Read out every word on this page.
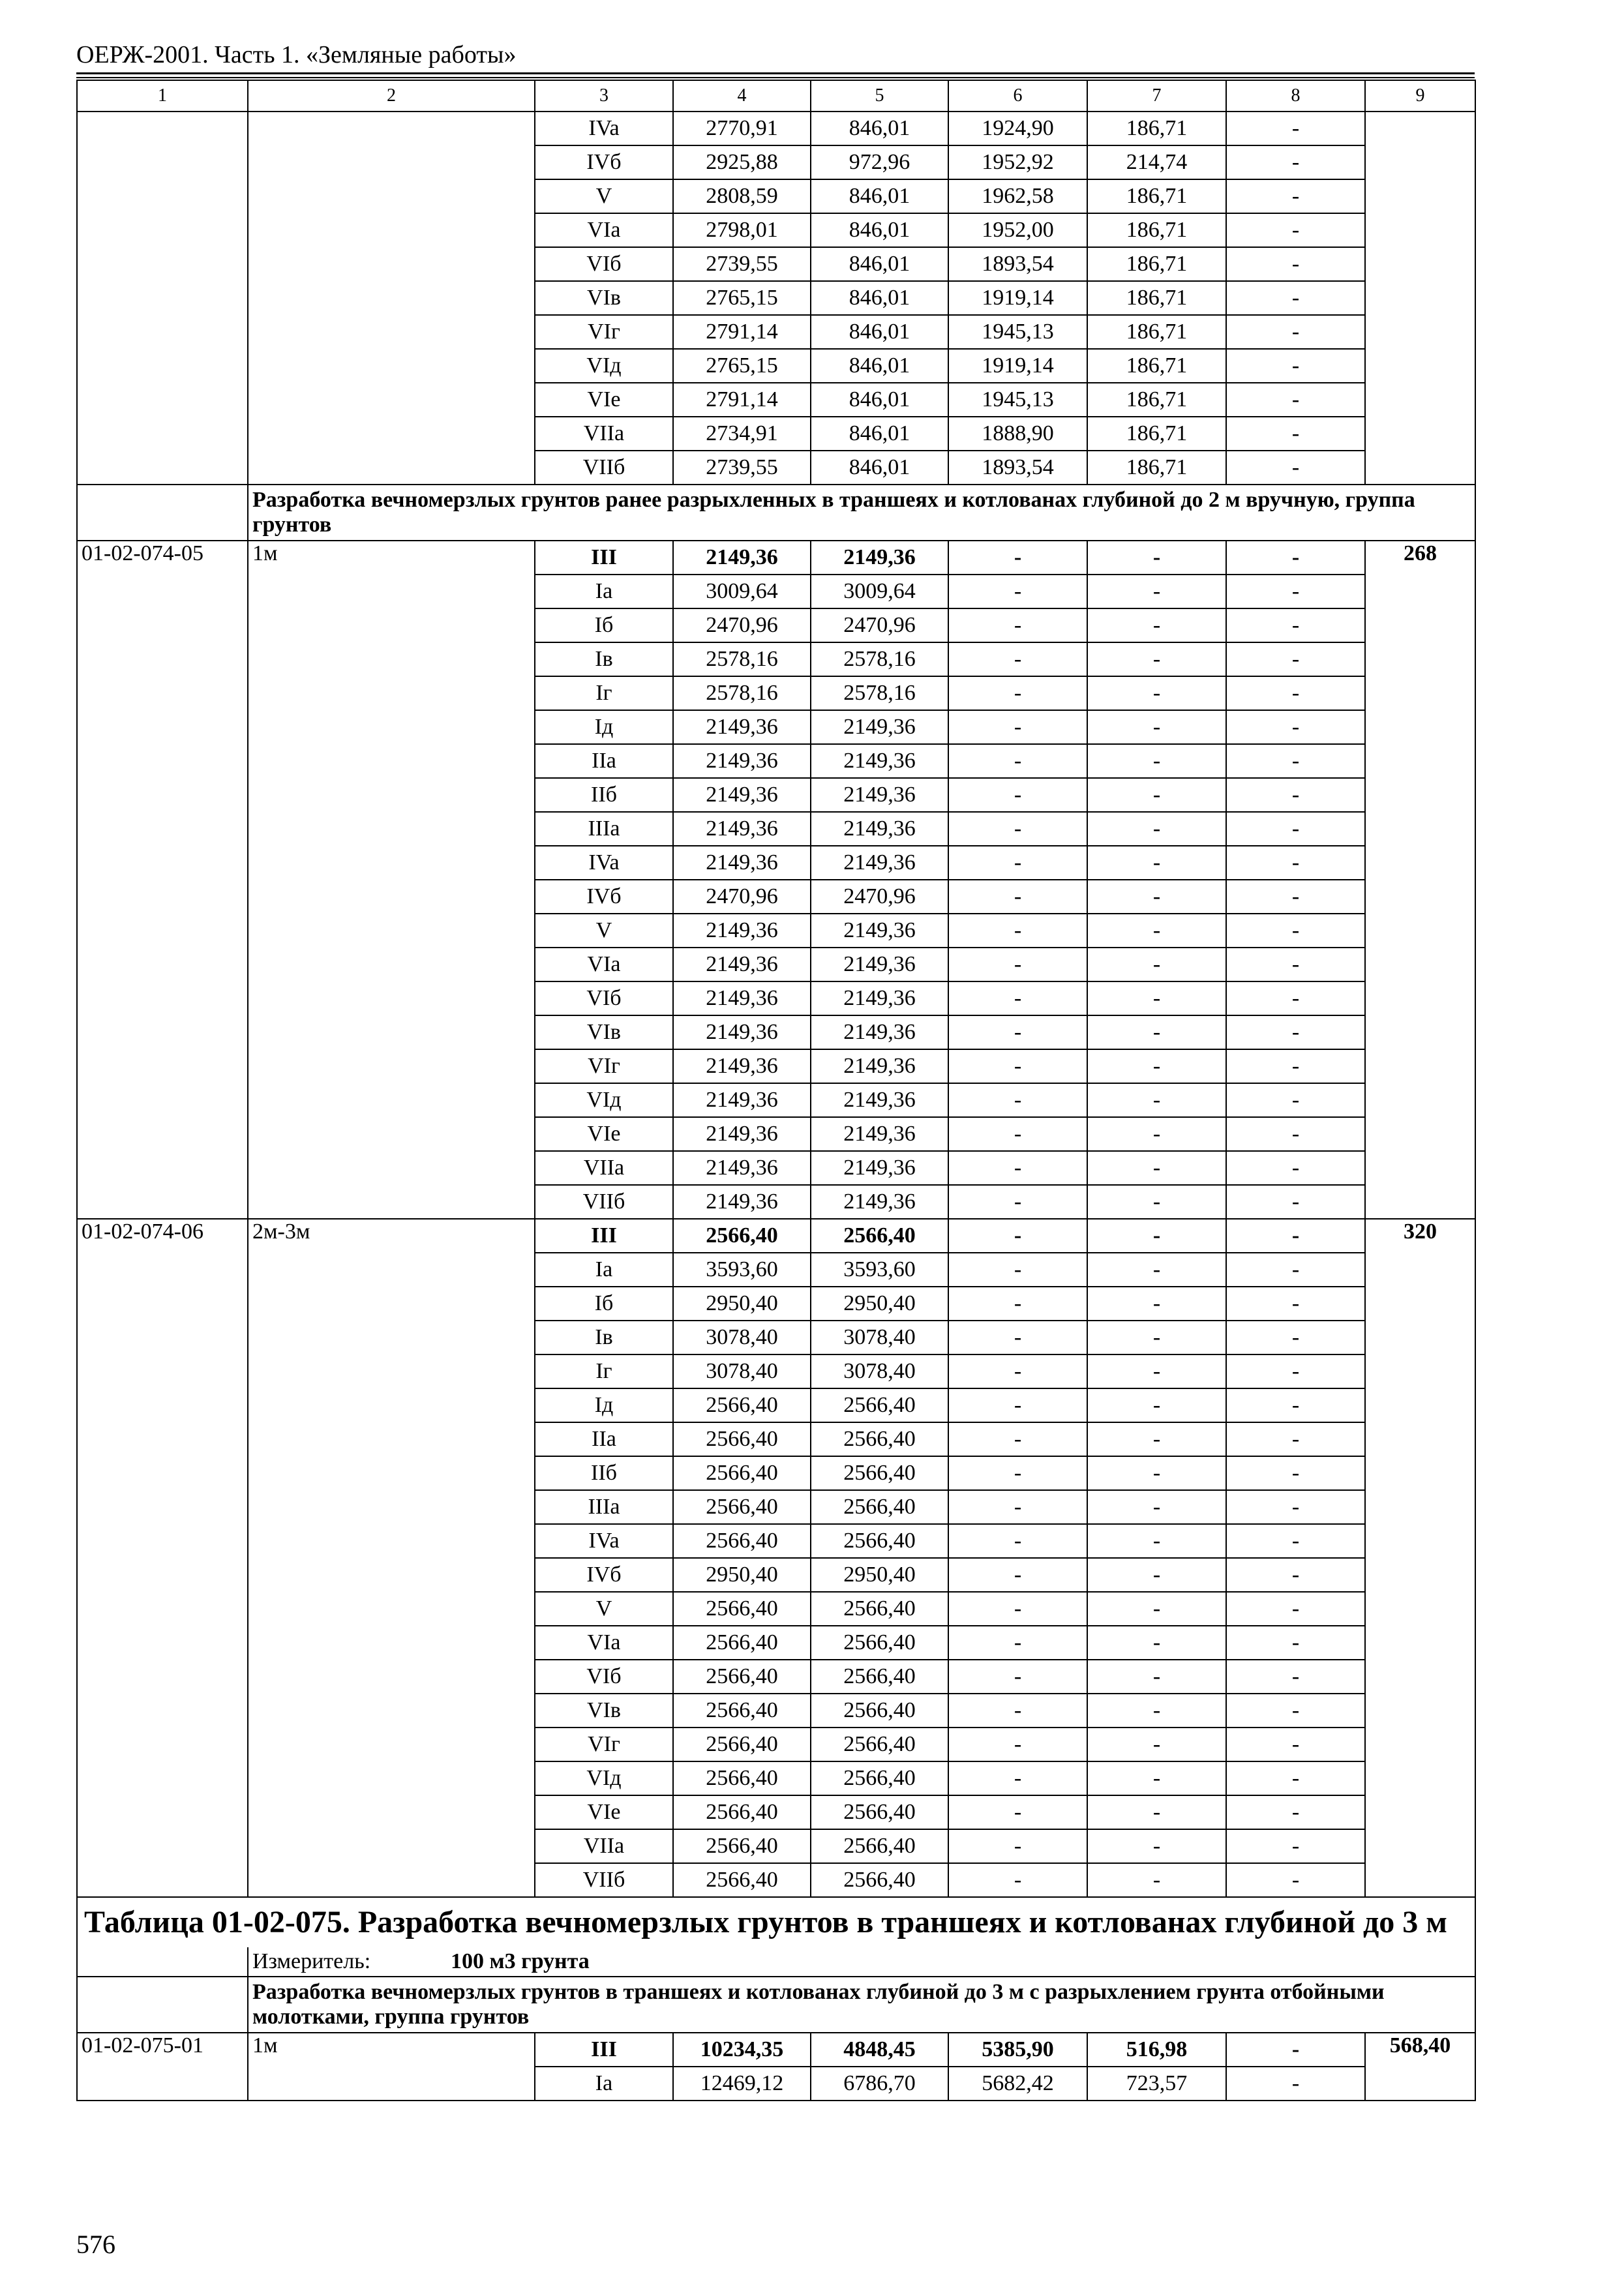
ОЕРЖ-2001. Часть 1. «Земляные работы»
1	2	3	4	5	6	7	8	9
		IVa	2770,91	846,01	1924,90	186,71	-	
		IVб	2925,88	972,96	1952,92	214,74	-	
		V	2808,59	846,01	1962,58	186,71	-	
		VIa	2798,01	846,01	1952,00	186,71	-	
		VIб	2739,55	846,01	1893,54	186,71	-	
		VIв	2765,15	846,01	1919,14	186,71	-	
		VIг	2791,14	846,01	1945,13	186,71	-	
		VIд	2765,15	846,01	1919,14	186,71	-	
		VIe	2791,14	846,01	1945,13	186,71	-	
		VIIa	2734,91	846,01	1888,90	186,71	-	
		VIIб	2739,55	846,01	1893,54	186,71	-	
	Разработка вечномерзлых грунтов ранее разрыхленных в траншеях и котлованах глубиной до 2 м вручную, группа грунтов							
01-02-074-05	1м	III	2149,36	2149,36	-	-	-	268
		Ia	3009,64	3009,64	-	-	-	
		Iб	2470,96	2470,96	-	-	-	
		Iв	2578,16	2578,16	-	-	-	
		Iг	2578,16	2578,16	-	-	-	
		Iд	2149,36	2149,36	-	-	-	
		IIa	2149,36	2149,36	-	-	-	
		IIб	2149,36	2149,36	-	-	-	
		IIIa	2149,36	2149,36	-	-	-	
		IVa	2149,36	2149,36	-	-	-	
		IVб	2470,96	2470,96	-	-	-	
		V	2149,36	2149,36	-	-	-	
		VIa	2149,36	2149,36	-	-	-	
		VIб	2149,36	2149,36	-	-	-	
		VIв	2149,36	2149,36	-	-	-	
		VIг	2149,36	2149,36	-	-	-	
		VIд	2149,36	2149,36	-	-	-	
		VIe	2149,36	2149,36	-	-	-	
		VIIa	2149,36	2149,36	-	-	-	
		VIIб	2149,36	2149,36	-	-	-	
01-02-074-06	2м-3м	III	2566,40	2566,40	-	-	-	320
		Ia	3593,60	3593,60	-	-	-	
		Iб	2950,40	2950,40	-	-	-	
		Iв	3078,40	3078,40	-	-	-	
		Iг	3078,40	3078,40	-	-	-	
		Iд	2566,40	2566,40	-	-	-	
		IIa	2566,40	2566,40	-	-	-	
		IIб	2566,40	2566,40	-	-	-	
		IIIa	2566,40	2566,40	-	-	-	
		IVa	2566,40	2566,40	-	-	-	
		IVб	2950,40	2950,40	-	-	-	
		V	2566,40	2566,40	-	-	-	
		VIa	2566,40	2566,40	-	-	-	
		VIб	2566,40	2566,40	-	-	-	
		VIв	2566,40	2566,40	-	-	-	
		VIг	2566,40	2566,40	-	-	-	
		VIд	2566,40	2566,40	-	-	-	
		VIe	2566,40	2566,40	-	-	-	
		VIIa	2566,40	2566,40	-	-	-	
		VIIб	2566,40	2566,40	-	-	-	
Таблица 01-02-075. Разработка вечномерзлых грунтов в траншеях и котлованах глубиной до 3 м								
	Измеритель: 100 м3 грунта							
	Разработка вечномерзлых грунтов в траншеях и котлованах глубиной до 3 м с разрыхлением грунта отбойными молотками, группа грунтов							
01-02-075-01	1м	III	10234,35	4848,45	5385,90	516,98	-	568,40
		Ia	12469,12	6786,70	5682,42	723,57	-	
576
